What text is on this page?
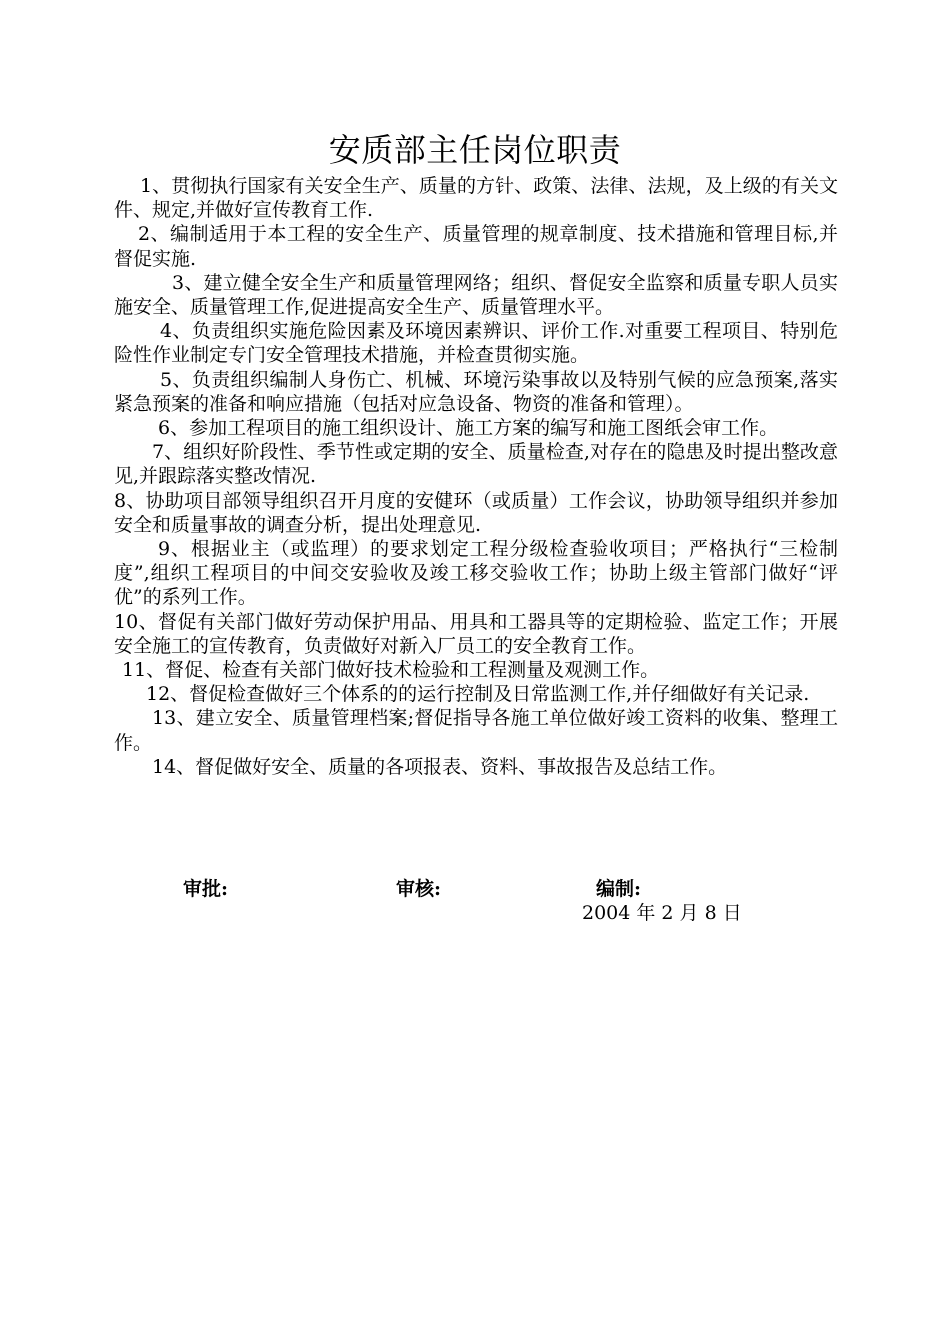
安质部主任岗位职责

1、贯彻执行国家有关安全生产、质量的方针、政策、法律、法规，及上级的有关文件、规定,并做好宣传教育工作.

2、编制适用于本工程的安全生产、质量管理的规章制度、技术措施和管理目标,并督促实施.

3、建立健全安全生产和质量管理网络；组织、督促安全监察和质量专职人员实施安全、质量管理工作,促进提高安全生产、质量管理水平。

4、负责组织实施危险因素及环境因素辨识、评价工作.对重要工程项目、特别危险性作业制定专门安全管理技术措施，并检查贯彻实施。

5、负责组织编制人身伤亡、机械、环境污染事故以及特别气候的应急预案,落实紧急预案的准备和响应措施（包括对应急设备、物资的准备和管理）。

6、参加工程项目的施工组织设计、施工方案的编写和施工图纸会审工作。

7、组织好阶段性、季节性或定期的安全、质量检查,对存在的隐患及时提出整改意见,并跟踪落实整改情况.

8、协助项目部领导组织召开月度的安健环（或质量）工作会议，协助领导组织并参加安全和质量事故的调查分析，提出处理意见.

9、根据业主（或监理）的要求划定工程分级检查验收项目；严格执行“三检制度”,组织工程项目的中间交安验收及竣工移交验收工作；协助上级主管部门做好“评优”的系列工作。

10、督促有关部门做好劳动保护用品、用具和工器具等的定期检验、监定工作；开展安全施工的宣传教育，负责做好对新入厂员工的安全教育工作。

11、督促、检查有关部门做好技术检验和工程测量及观测工作。

12、督促检查做好三个体系的的运行控制及日常监测工作,并仔细做好有关记录.

13、建立安全、质量管理档案;督促指导各施工单位做好竣工资料的收集、整理工作。

14、督促做好安全、质量的各项报表、资料、事故报告及总结工作。

审批:	审核:	编制:
2004 年 2 月 8 日
